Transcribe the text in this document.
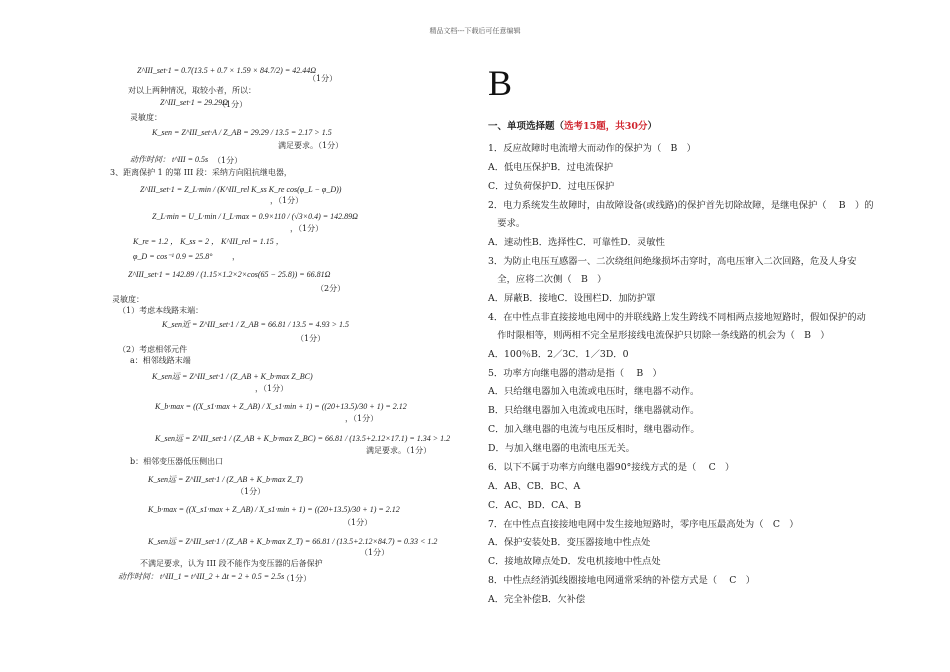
精品文档---下载后可任意编辑
Z^III_set·1 = 0.7(13.5 + 0.7 × 1.59 × 84.7/2) = 42.44Ω
（1分）
对以上两种情况，取较小者，所以：
Z^III_set·1 = 29.29Ω
（1分）
灵敏度：
K_sen = Z^III_set·A / Z_AB = 29.29 / 13.5 = 2.17 > 1.5
满足要求。（1分）
动作时间： t^III = 0.5s （1分）
3、距离保护 1 的第 III 段：采纳方向阻抗继电器，
Z^III_set·1 = Z_L·min / (K^III_rel K_ss K_re cos(φ_L − φ_D))
，（1分）
Z_L·min = U_L·min / I_L·max = 0.9×110 / (√3×0.4) = 142.89Ω
，（1分）
K_re = 1.2 ， K_ss = 2 ， K^III_rel = 1.15 ，
φ_D = cos⁻¹ 0.9 = 25.8° ，
Z^III_set·1 = 142.89 / (1.15×1.2×2×cos(65 − 25.8)) = 66.81Ω
（2分）
灵敏度：
（1）考虑本线路末端：
K_sen近 = Z^III_set·1 / Z_AB = 66.81 / 13.5 = 4.93 > 1.5
（1分）
（2）考虑相邻元件
a：相邻线路末端
K_sen远 = Z^III_set·1 / (Z_AB + K_b·max Z_BC)
，（1分）
K_b·max = ((X_s1·max + Z_AB) / X_s1·min + 1) = ((20+13.5)/30 + 1) = 2.12
，（1分）
K_sen远 = Z^III_set·1 / (Z_AB + K_b·max Z_BC) = 66.81 / (13.5+2.12×17.1) = 1.34 > 1.2
满足要求。（1分）
b：相邻变压器低压侧出口
K_sen远 = Z^III_set·1 / (Z_AB + K_b·max Z_T)
（1分）
K_b·max = ((X_s1·max + Z_AB) / X_s1·min + 1) = ((20+13.5)/30 + 1) = 2.12
（1分）
K_sen远 = Z^III_set·1 / (Z_AB + K_b·max Z_T) = 66.81 / (13.5+2.12×84.7) = 0.33 < 1.2
（1分）
不满足要求，认为 III 段不能作为变压器的后备保护
动作时间： t^III_1 = t^III_2 + Δt = 2 + 0.5 = 2.5s
（1分）
B
一、单项选择题（选考15题，共30分）
1．反应故障时电流增大而动作的保护为（　B　）
A．低电压保护B．过电流保护
C．过负荷保护D．过电压保护
2．电力系统发生故障时，由故障设备(或线路)的保护首先切除故障，是继电保护（　 B　）的
　要求。
A．速动性B．选择性C．可靠性D．灵敏性
3．为防止电压互感器一、二次绕组间绝缘损坏击穿时，高电压窜入二次回路，危及人身安
　全，应将二次侧（　B　）
A．屏蔽B．接地C．设围栏D．加防护罩
4．在中性点非直接接地电网中的并联线路上发生跨线不同相两点接地短路时，假如保护的动
　作时限相等，则两相不完全星形接线电流保护只切除一条线路的机会为（　B　）
A．100％B．2／3C．1／3D．0
5．功率方向继电器的潜动是指（　 B　）
A．只给继电器加入电流或电压时，继电器不动作。
B．只给继电器加入电流或电压时，继电器就动作。
C．加入继电器的电流与电压反相时，继电器动作。
D．与加入继电器的电流电压无关。
6．以下不属于功率方向继电器90°接线方式的是（　 C　）
A．AB、CB．BC、A
C．AC、BD．CA、B
7．在中性点直接接地电网中发生接地短路时，零序电压最高处为（　C　）
A．保护安装处B．变压器接地中性点处
C．接地故障点处D．发电机接地中性点处
8．中性点经消弧线圈接地电网通常采纳的补偿方式是（　 C　）
A．完全补偿B．欠补偿
